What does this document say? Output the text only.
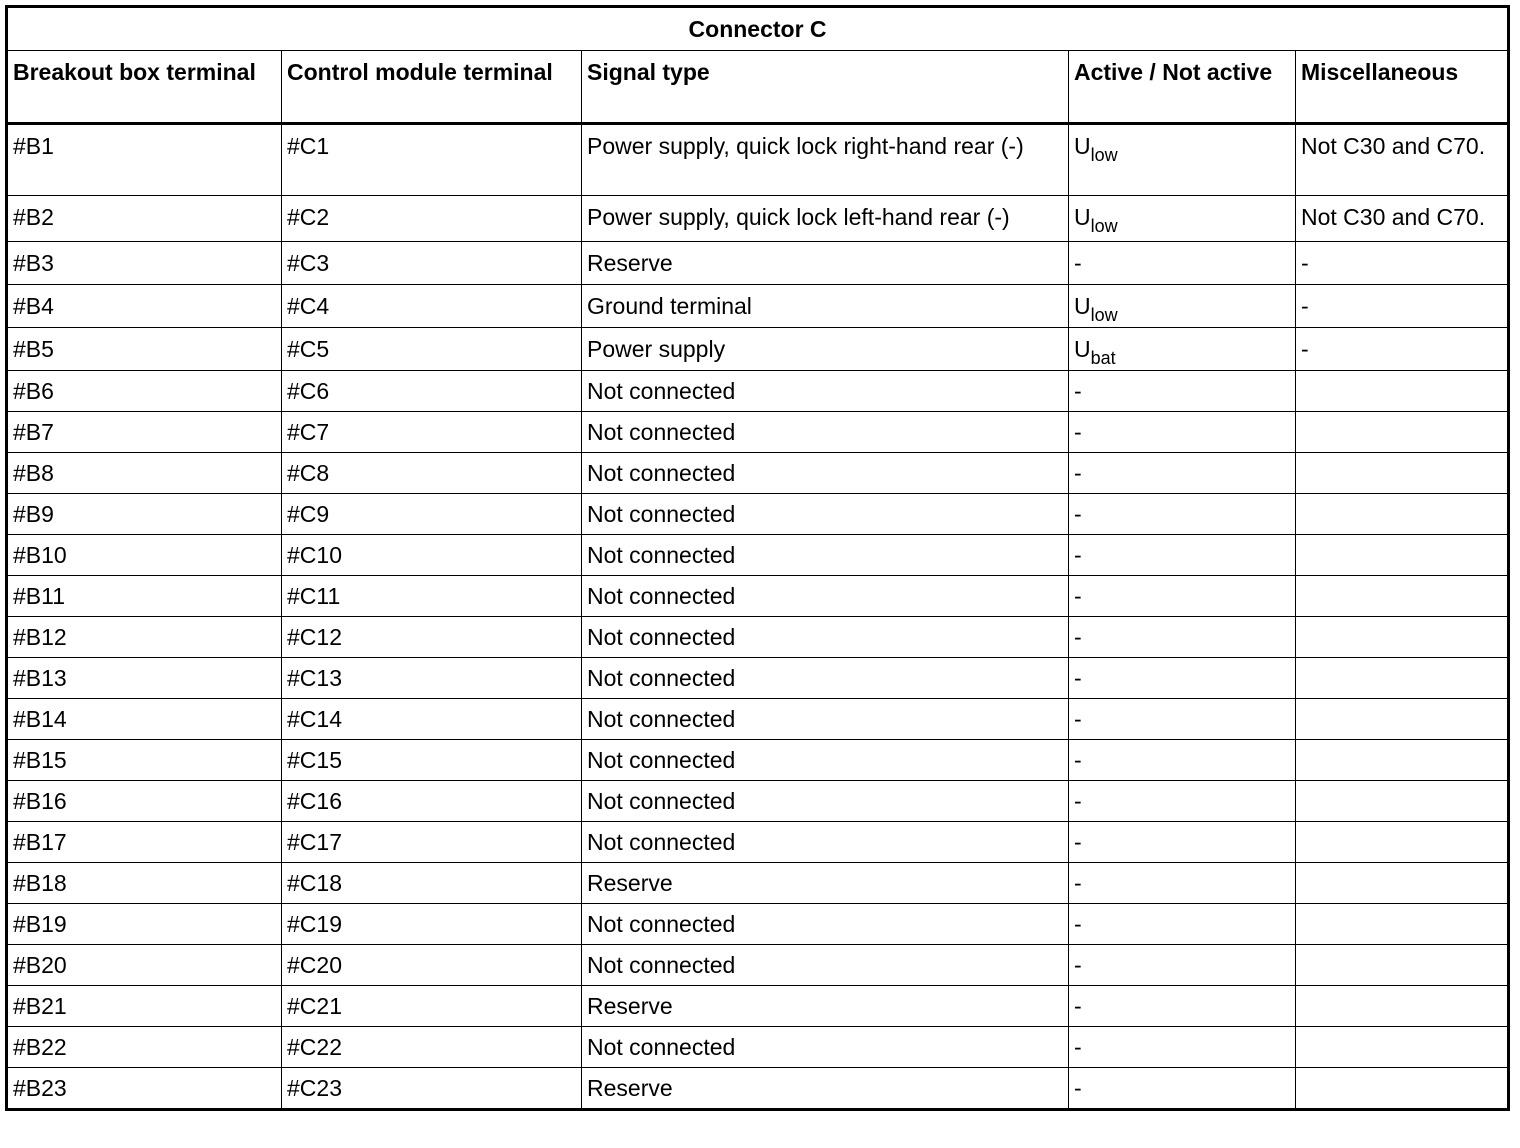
Connector C				
Breakout box terminal	Control module terminal	Signal type	Active / Not active	Miscellaneous
#B1	#C1	Power supply, quick lock right-hand rear (-)	$U_{low}$	Not C30 and C70.
#B2	#C2	Power supply, quick lock left-hand rear (-)	$U_{low}$	Not C30 and C70.
#B3	#C3	Reserve	-	-
#B4	#C4	Ground terminal	$U_{low}$	-
#B5	#C5	Power supply	$U_{bat}$	-
#B6	#C6	Not connected	-	
#B7	#C7	Not connected	-	
#B8	#C8	Not connected	-	
#B9	#C9	Not connected	-	
#B10	#C10	Not connected	-	
#B11	#C11	Not connected	-	
#B12	#C12	Not connected	-	
#B13	#C13	Not connected	-	
#B14	#C14	Not connected	-	
#B15	#C15	Not connected	-	
#B16	#C16	Not connected	-	
#B17	#C17	Not connected	-	
#B18	#C18	Reserve	-	
#B19	#C19	Not connected	-	
#B20	#C20	Not connected	-	
#B21	#C21	Reserve	-	
#B22	#C22	Not connected	-	
#B23	#C23	Reserve	-	
